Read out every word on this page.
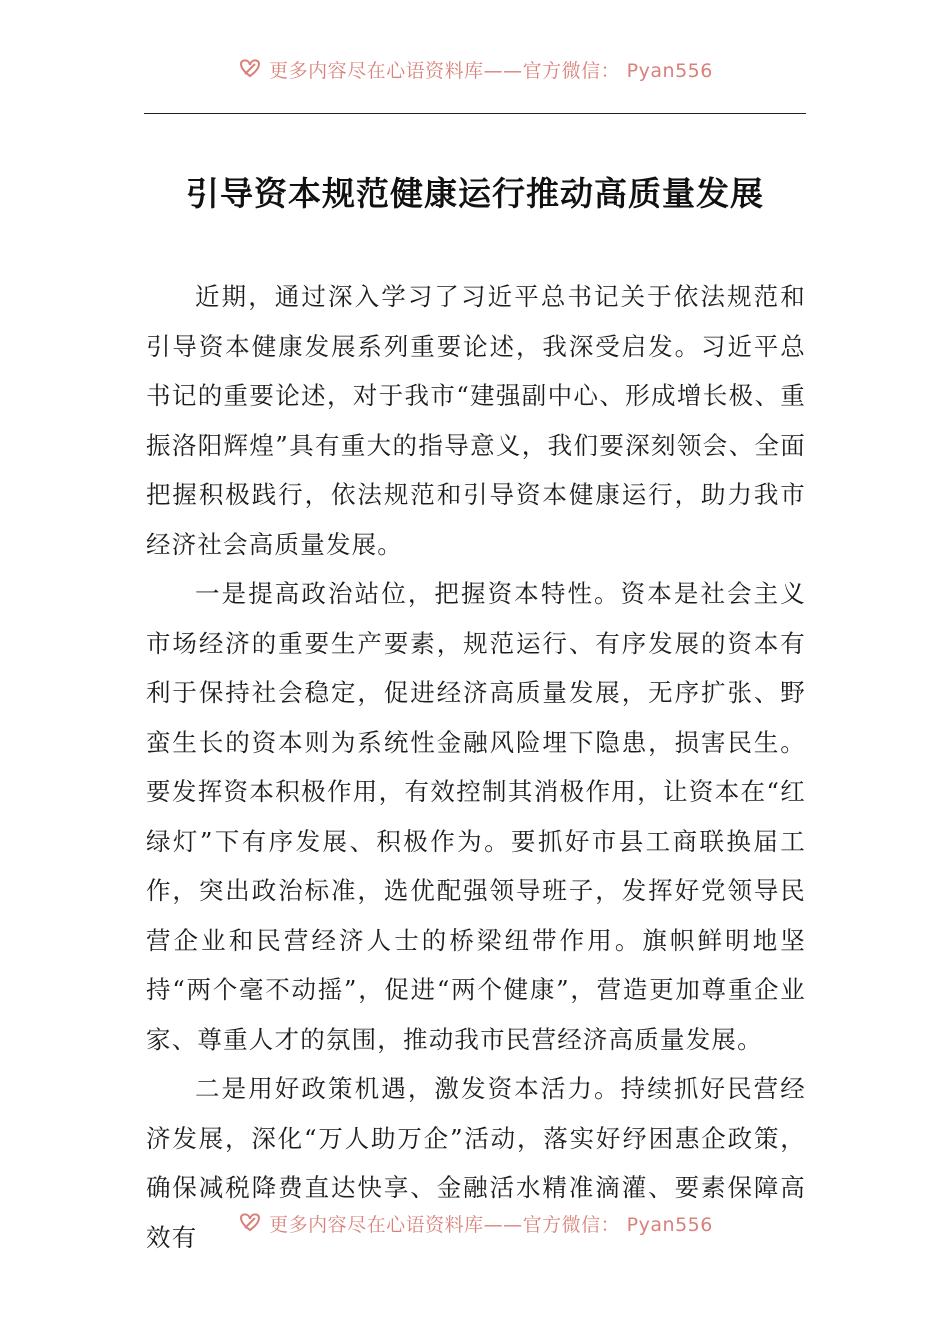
更多内容尽在心语资料库——官方微信： Pyan556
引导资本规范健康运行推动高质量发展

近期，通过深入学习了习近平总书记关于依法规范和引导资本健康发展系列重要论述，我深受启发。习近平总书记的重要论述，对于我市“建强副中心、形成增长极、重振洛阳辉煌”具有重大的指导意义，我们要深刻领会、全面把握积极践行，依法规范和引导资本健康运行，助力我市经济社会高质量发展。

一是提高政治站位，把握资本特性。资本是社会主义市场经济的重要生产要素，规范运行、有序发展的资本有利于保持社会稳定，促进经济高质量发展，无序扩张、野蛮生长的资本则为系统性金融风险埋下隐患，损害民生。要发挥资本积极作用，有效控制其消极作用，让资本在“红绿灯”下有序发展、积极作为。要抓好市县工商联换届工作，突出政治标准，选优配强领导班子，发挥好党领导民营企业和民营经济人士的桥梁纽带作用。旗帜鲜明地坚持“两个毫不动摇”，促进“两个健康”，营造更加尊重企业家、尊重人才的氛围，推动我市民营经济高质量发展。

二是用好政策机遇，激发资本活力。持续抓好民营经济发展，深化“万人助万企”活动，落实好纾困惠企政策，确保减税降费直达快享、金融活水精准滴灌、要素保障高效有	更多内容尽在心语资料库——官方微信： Pyan556
